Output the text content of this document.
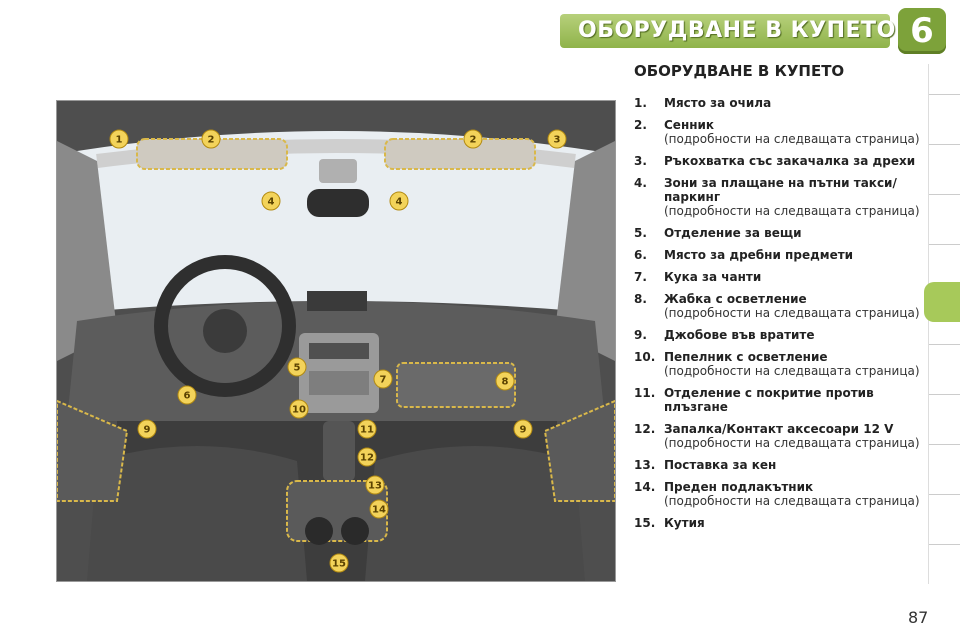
ОБОРУДВАНЕ В КУПЕТО 6
ОБОРУДВАНЕ В КУПЕТО
1	2	2	3
4	4
5
6
7	8
9	9
10
11
12
13
14
15
1. Място за очила
2. Сенник
(подробности на следващата страница)
3. Ръкохватка със закачалка за дрехи
4. Зони за плащане на пътни такси/паркинг
(подробности на следващата страница)
5. Отделение за вещи
6. Място за дребни предмети
7. Кука за чанти
8. Жабка с осветление
(подробности на следващата страница)
9. Джобове във вратите
10. Пепелник с осветление
(подробности на следващата страница)
11. Отделение с покритие против плъзгане
12. Запалка/Контакт аксесоари 12 V
(подробности на следващата страница)
13. Поставка за кен
14. Преден подлакътник
(подробности на следващата страница)
15. Кутия
87
